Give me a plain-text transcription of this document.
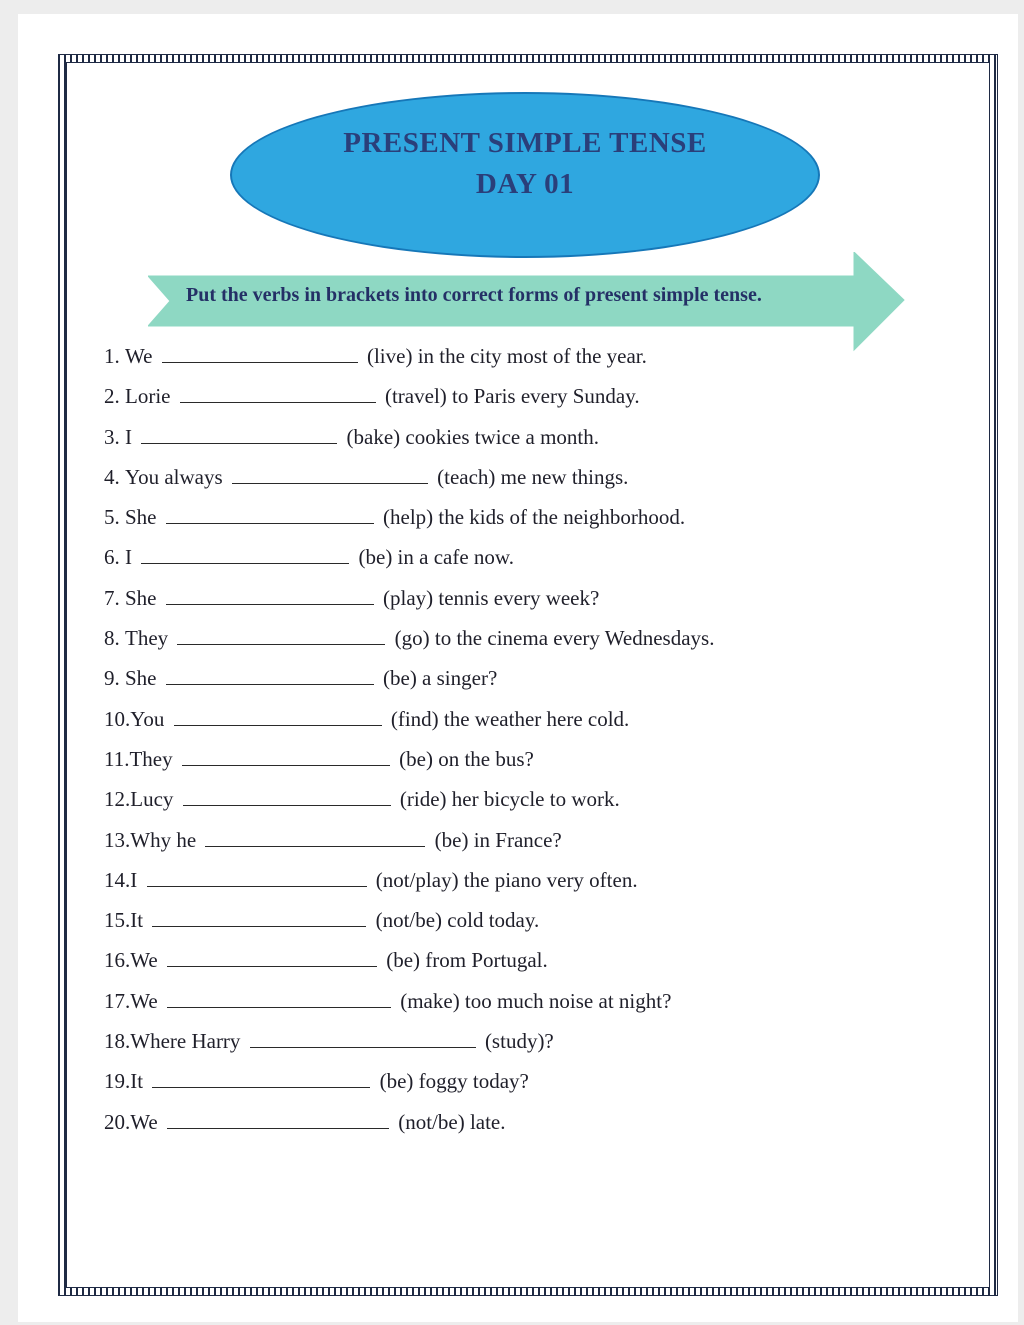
PRESENT SIMPLE TENSE
DAY 01
Put the verbs in brackets into correct forms of present simple tense.
1. We	(live) in the city most of the year.
2. Lorie	(travel) to Paris every Sunday.
3. I	(bake) cookies twice a month.
4. You always	(teach) me new things.
5. She	(help) the kids of the neighborhood.
6. I	(be) in a cafe now.
7. She	(play) tennis every week?
8. They	(go) to the cinema every Wednesdays.
9. She	(be) a singer?
10.You	(find) the weather here cold.
11.They	(be) on the bus?
12.Lucy	(ride) her bicycle to work.
13.Why he	(be) in France?
14.I	(not/play) the piano very often.
15.It	(not/be) cold today.
16.We	(be) from Portugal.
17.We	(make) too much noise at night?
18.Where Harry	(study)?
19.It	(be) foggy today?
20.We	(not/be) late.
